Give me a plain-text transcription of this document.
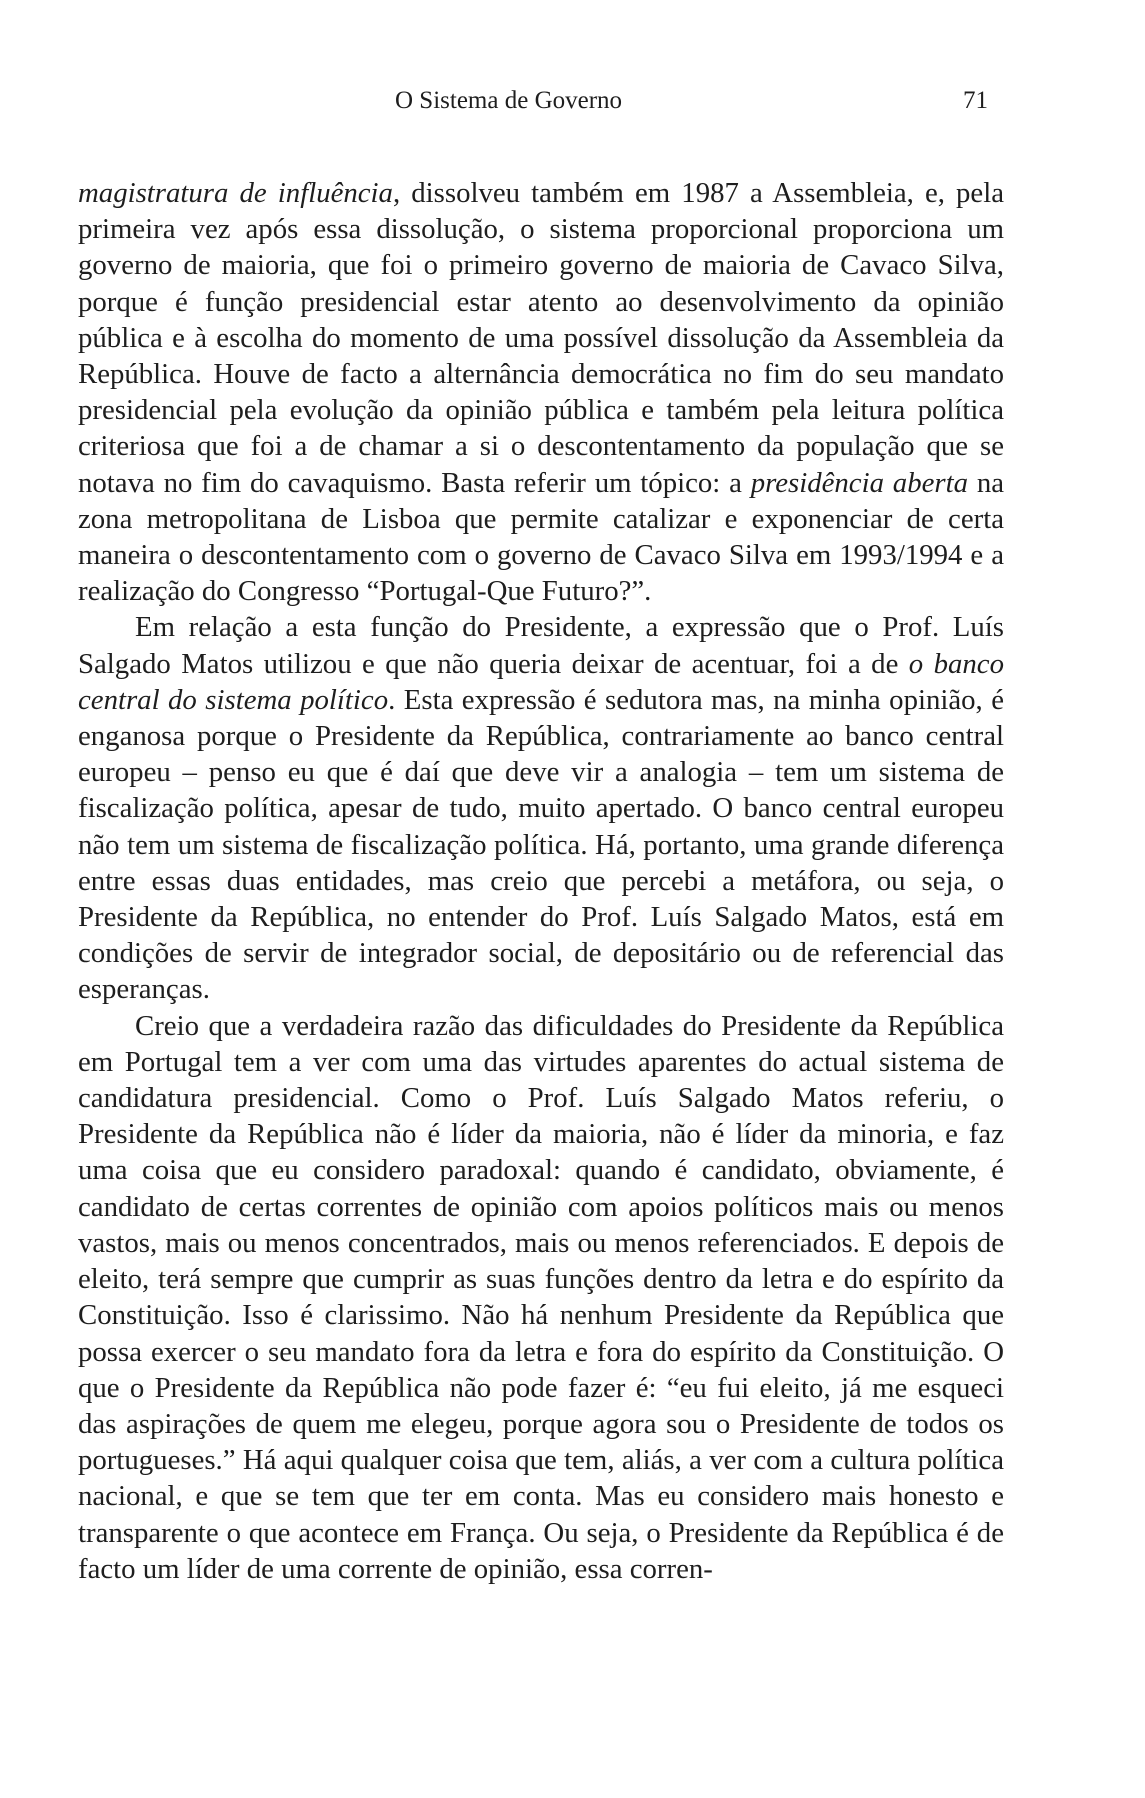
O Sistema de Governo	71

magistratura de influência, dissolveu também em 1987 a Assembleia, e, pela primeira vez após essa dissolução, o sistema proporcional proporciona um governo de maioria, que foi o primeiro governo de maioria de Cavaco Silva, porque é função presidencial estar atento ao desenvolvimento da opinião pública e à escolha do momento de uma possível dissolução da Assembleia da República. Houve de facto a alternância democrática no fim do seu mandato presidencial pela evolução da opinião pública e também pela leitura política criteriosa que foi a de chamar a si o descontentamento da população que se notava no fim do cavaquismo. Basta referir um tópico: a presidência aberta na zona metropolitana de Lisboa que permite catalizar e exponenciar de certa maneira o descontentamento com o governo de Cavaco Silva em 1993/1994 e a realização do Congresso “Portugal-Que Futuro?”.

Em relação a esta função do Presidente, a expressão que o Prof. Luís Salgado Matos utilizou e que não queria deixar de acentuar, foi a de o banco central do sistema político. Esta expressão é sedutora mas, na minha opinião, é enganosa porque o Presidente da República, contrariamente ao banco central europeu – penso eu que é daí que deve vir a analogia – tem um sistema de fiscalização política, apesar de tudo, muito apertado. O banco central europeu não tem um sistema de fiscalização política. Há, portanto, uma grande diferença entre essas duas entidades, mas creio que percebi a metáfora, ou seja, o Presidente da República, no entender do Prof. Luís Salgado Matos, está em condições de servir de integrador social, de depositário ou de referencial das esperanças.

Creio que a verdadeira razão das dificuldades do Presidente da República em Portugal tem a ver com uma das virtudes aparentes do actual sistema de candidatura presidencial. Como o Prof. Luís Salgado Matos referiu, o Presidente da República não é líder da maioria, não é líder da minoria, e faz uma coisa que eu considero paradoxal: quando é candidato, obviamente, é candidato de certas correntes de opinião com apoios políticos mais ou menos vastos, mais ou menos concentrados, mais ou menos referenciados. E depois de eleito, terá sempre que cumprir as suas funções dentro da letra e do espírito da Constituição. Isso é clarissimo. Não há nenhum Presidente da República que possa exercer o seu mandato fora da letra e fora do espírito da Constituição. O que o Presidente da República não pode fazer é: “eu fui eleito, já me esqueci das aspirações de quem me elegeu, porque agora sou o Presidente de todos os portugueses.” Há aqui qualquer coisa que tem, aliás, a ver com a cultura política nacional, e que se tem que ter em conta. Mas eu considero mais honesto e transparente o que acontece em França. Ou seja, o Presidente da República é de facto um líder de uma corrente de opinião, essa corren-
